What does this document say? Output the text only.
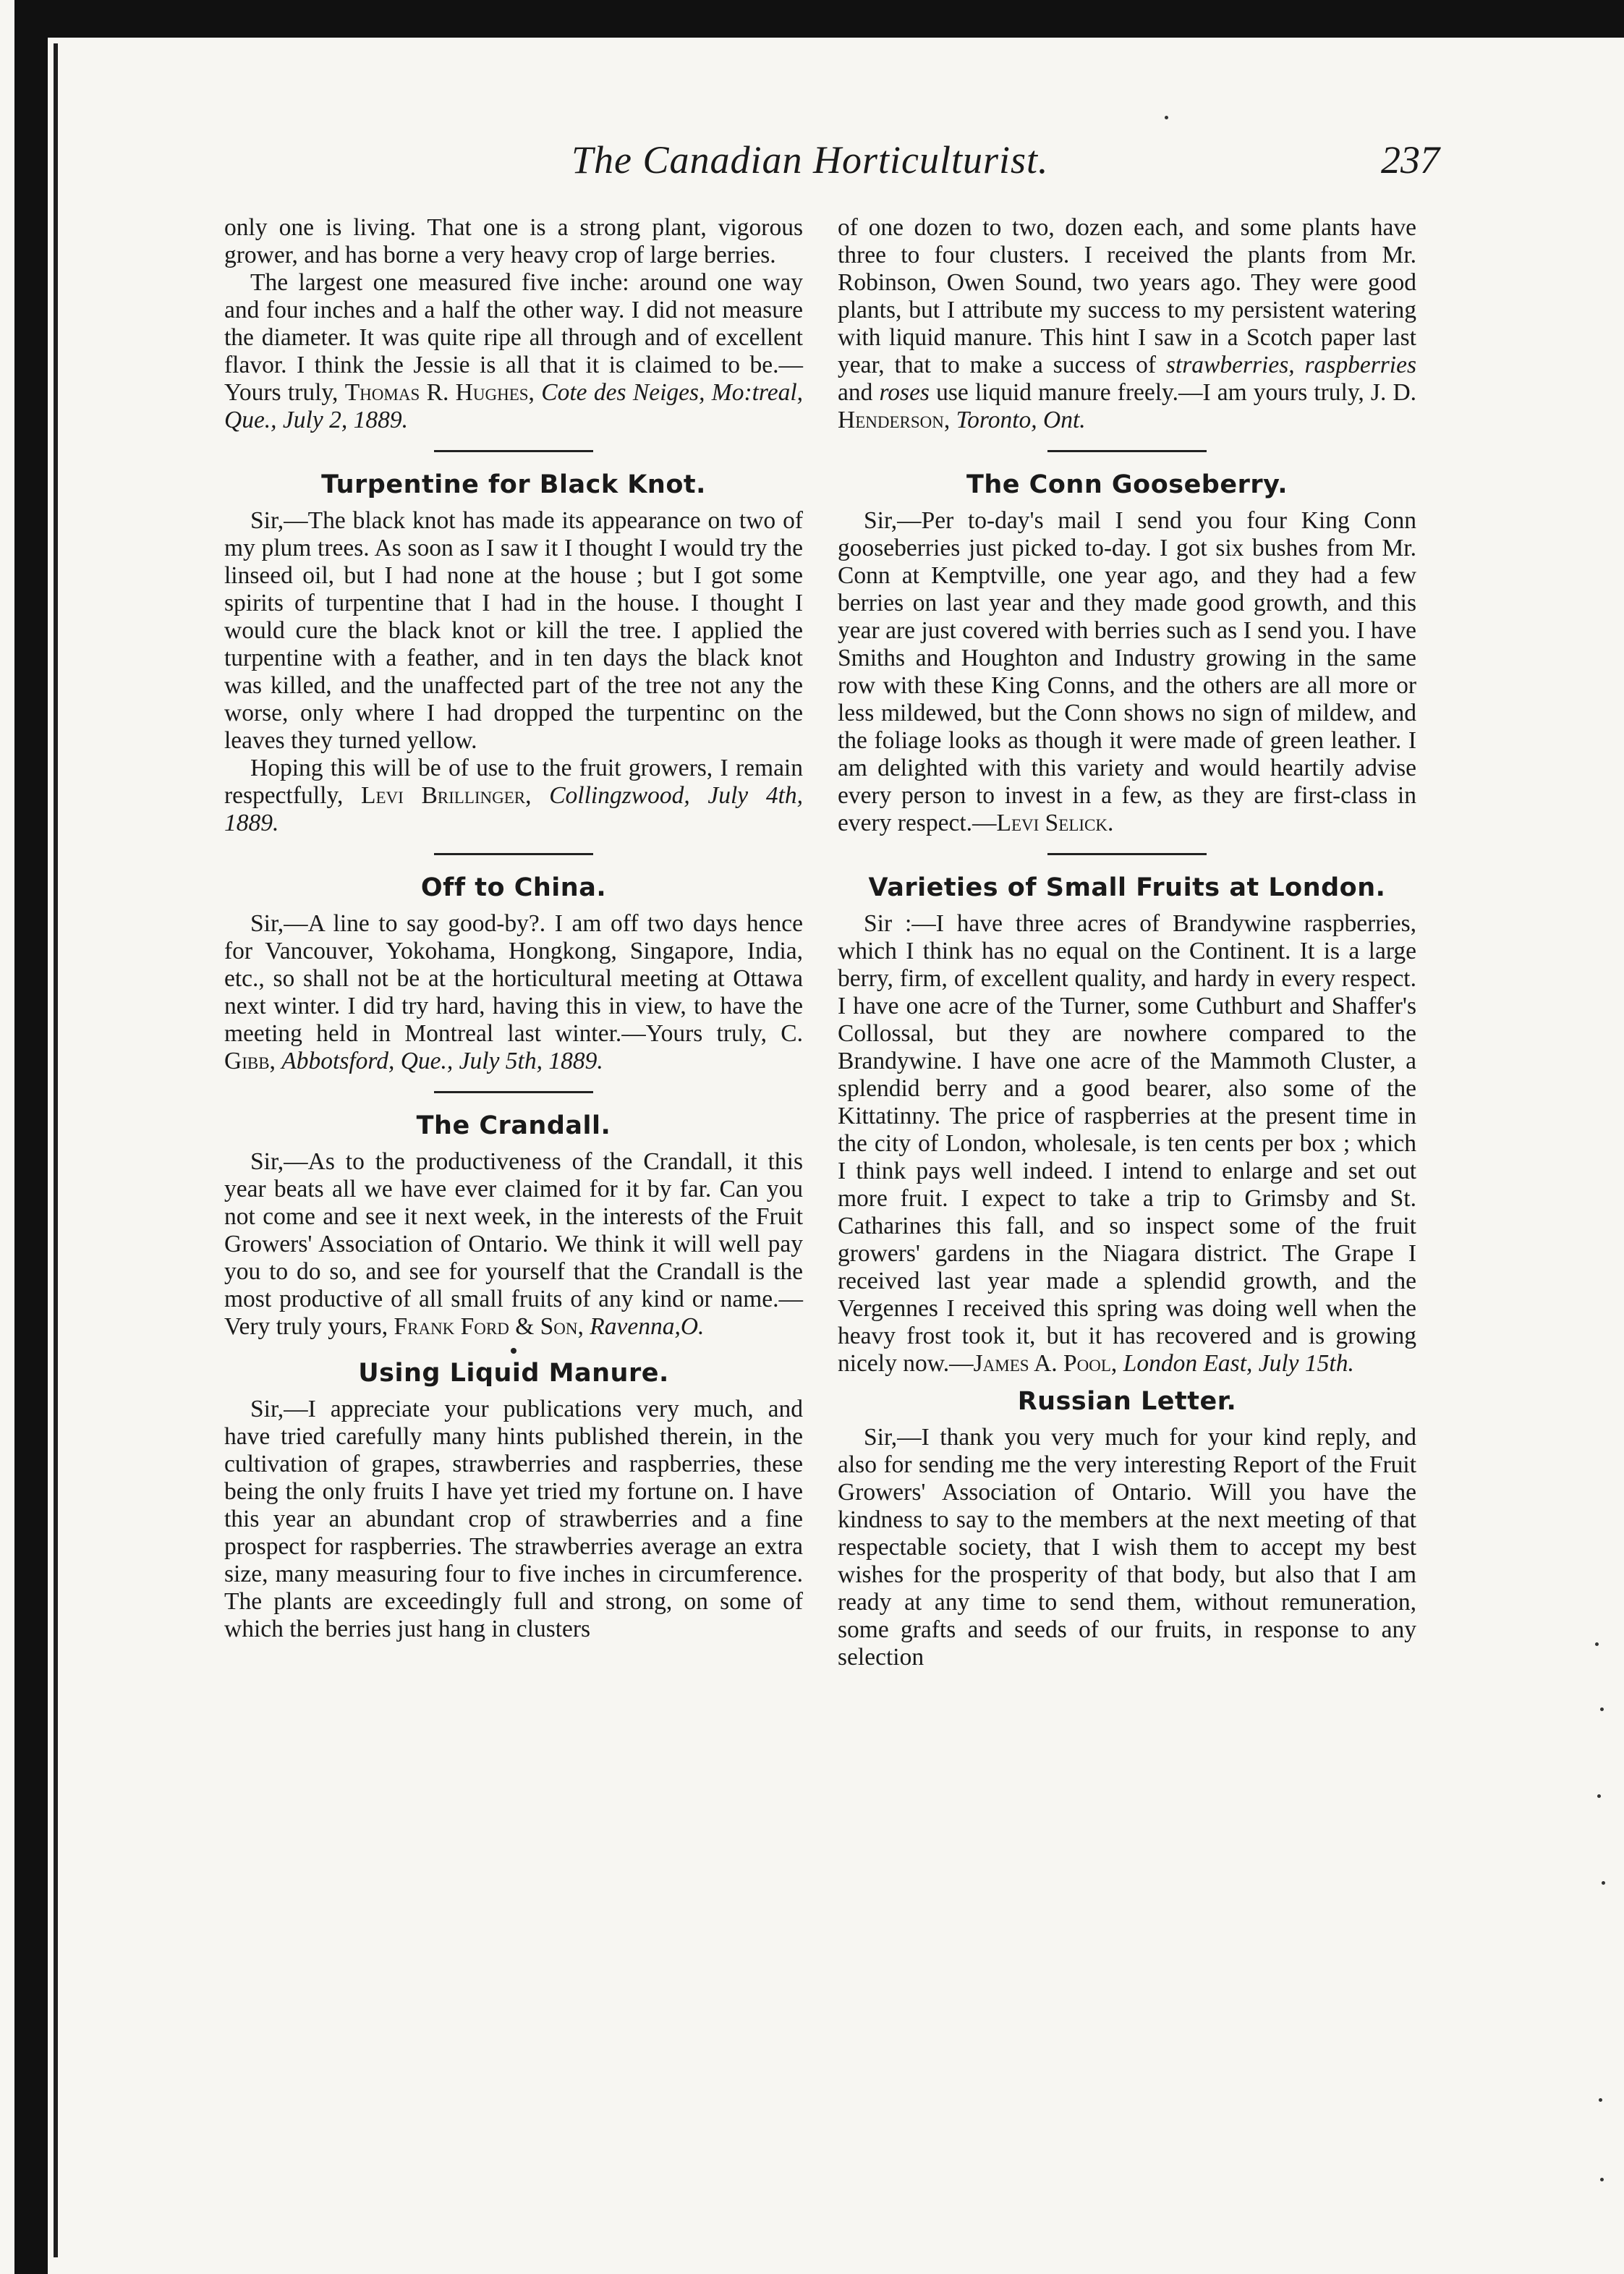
The Canadian Horticulturist.	237

only one is living. That one is a strong plant, vigorous grower, and has borne a very heavy crop of large berries.

The largest one measured five inche: around one way and four inches and a half the other way. I did not measure the diameter. It was quite ripe all through and of excellent flavor. I think the Jessie is all that it is claimed to be.—Yours truly, Thomas R. Hughes, Cote des Neiges, Mo:treal, Que., July 2, 1889.

Turpentine for Black Knot.

Sir,—The black knot has made its appearance on two of my plum trees. As soon as I saw it I thought I would try the linseed oil, but I had none at the house ; but I got some spirits of turpentine that I had in the house. I thought I would cure the black knot or kill the tree. I applied the turpentine with a feather, and in ten days the black knot was killed, and the unaffected part of the tree not any the worse, only where I had dropped the turpentinc on the leaves they turned yellow.

Hoping this will be of use to the fruit growers, I remain respectfully, Levi Brillinger, Collingzwood, July 4th, 1889.

Off to China.

Sir,—A line to say good-by?. I am off two days hence for Vancouver, Yokohama, Hongkong, Singapore, India, etc., so shall not be at the horticultural meeting at Ottawa next winter. I did try hard, having this in view, to have the meeting held in Montreal last winter.—Yours truly, C. Gibb, Abbotsford, Que., July 5th, 1889.

The Crandall.

Sir,—As to the productiveness of the Crandall, it this year beats all we have ever claimed for it by far. Can you not come and see it next week, in the interests of the Fruit Growers' Association of Ontario. We think it will well pay you to do so, and see for yourself that the Crandall is the most productive of all small fruits of any kind or name.—Very truly yours, Frank Ford & Son, Ravenna,O.

Using Liquid Manure.

Sir,—I appreciate your publications very much, and have tried carefully many hints published therein, in the cultivation of grapes, strawberries and raspberries, these being the only fruits I have yet tried my fortune on. I have this year an abundant crop of strawberries and a fine prospect for raspberries. The strawberries average an extra size, many measuring four to five inches in circumference. The plants are exceedingly full and strong, on some of which the berries just hang in clusters

of one dozen to two, dozen each, and some plants have three to four clusters. I received the plants from Mr. Robinson, Owen Sound, two years ago. They were good plants, but I attribute my success to my persistent watering with liquid manure. This hint I saw in a Scotch paper last year, that to make a success of strawberries, raspberries and roses use liquid manure freely.—I am yours truly, J. D. Henderson, Toronto, Ont.

The Conn Gooseberry.

Sir,—Per to-day's mail I send you four King Conn gooseberries just picked to-day. I got six bushes from Mr. Conn at Kemptville, one year ago, and they had a few berries on last year and they made good growth, and this year are just covered with berries such as I send you. I have Smiths and Houghton and Industry growing in the same row with these King Conns, and the others are all more or less mildewed, but the Conn shows no sign of mildew, and the foliage looks as though it were made of green leather. I am delighted with this variety and would heartily advise every person to invest in a few, as they are first-class in every respect.—Levi Selick.

Varieties of Small Fruits at London.

Sir :—I have three acres of Brandywine raspberries, which I think has no equal on the Continent. It is a large berry, firm, of excellent quality, and hardy in every respect. I have one acre of the Turner, some Cuthburt and Shaffer's Collossal, but they are nowhere compared to the Brandywine. I have one acre of the Mammoth Cluster, a splendid berry and a good bearer, also some of the Kittatinny. The price of raspberries at the present time in the city of London, wholesale, is ten cents per box ; which I think pays well indeed. I intend to enlarge and set out more fruit. I expect to take a trip to Grimsby and St. Catharines this fall, and so inspect some of the fruit growers' gardens in the Niagara district. The Grape I received last year made a splendid growth, and the Vergennes I received this spring was doing well when the heavy frost took it, but it has recovered and is growing nicely now.—James A. Pool, London East, July 15th.

Russian Letter.

Sir,—I thank you very much for your kind reply, and also for sending me the very interesting Report of the Fruit Growers' Association of Ontario. Will you have the kindness to say to the members at the next meeting of that respectable society, that I wish them to accept my best wishes for the prosperity of that body, but also that I am ready at any time to send them, without remuneration, some grafts and seeds of our fruits, in response to any selection
